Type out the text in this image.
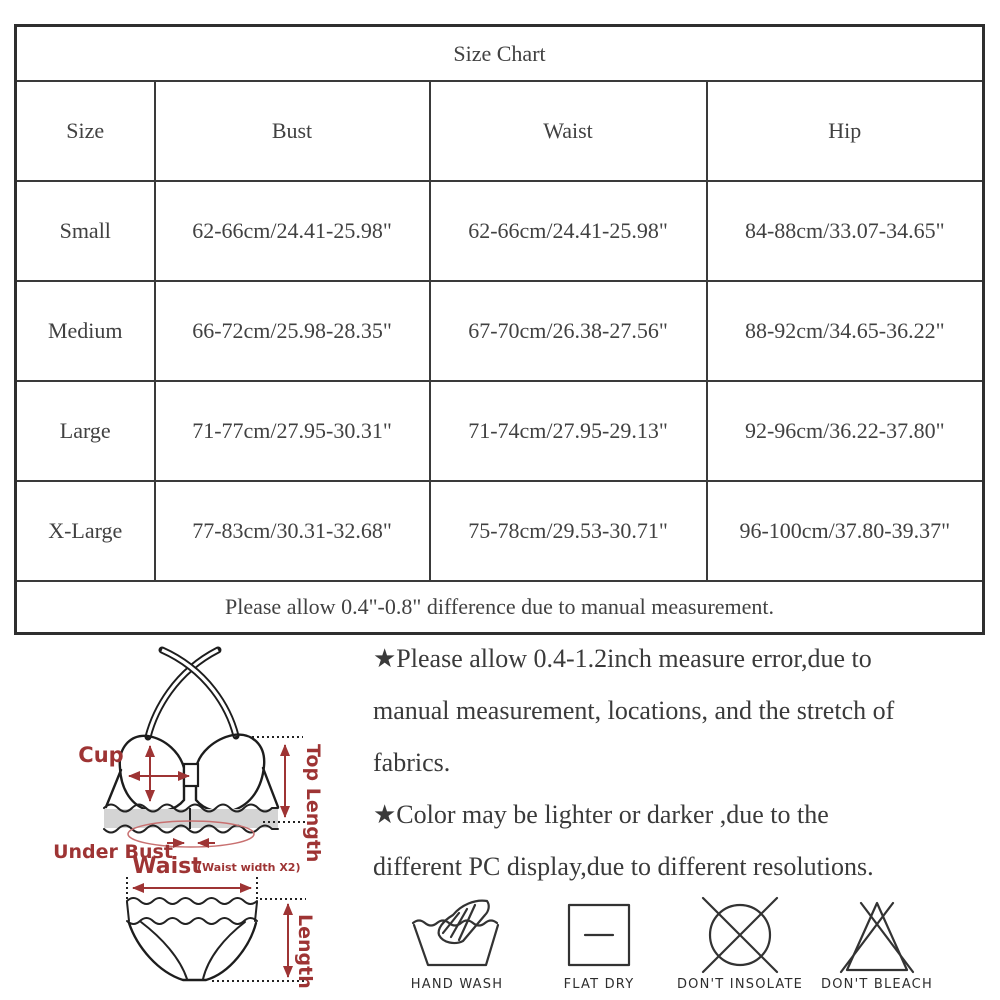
Size Chart			
Size	Bust	Waist	Hip
Small	62-66cm/24.41-25.98"	62-66cm/24.41-25.98"	84-88cm/33.07-34.65"
Medium	66-72cm/25.98-28.35"	67-70cm/26.38-27.56"	88-92cm/34.65-36.22"
Large	71-77cm/27.95-30.31"	71-74cm/27.95-29.13"	92-96cm/36.22-37.80"
X-Large	77-83cm/30.31-32.68"	75-78cm/29.53-30.71"	96-100cm/37.80-39.37"
Please allow 0.4"-0.8" difference due to manual measurement.			
Cup	Top Length
Under Bust
Waist
(Waist width X2)
Length
★Please allow 0.4-1.2inch measure error,due to
manual measurement, locations, and the stretch of
fabrics.
★Color may be lighter or darker ,due to the
different PC display,due to different resolutions.
HAND WASH	FLAT DRY	DON'T INSOLATE DON'T BLEACH
